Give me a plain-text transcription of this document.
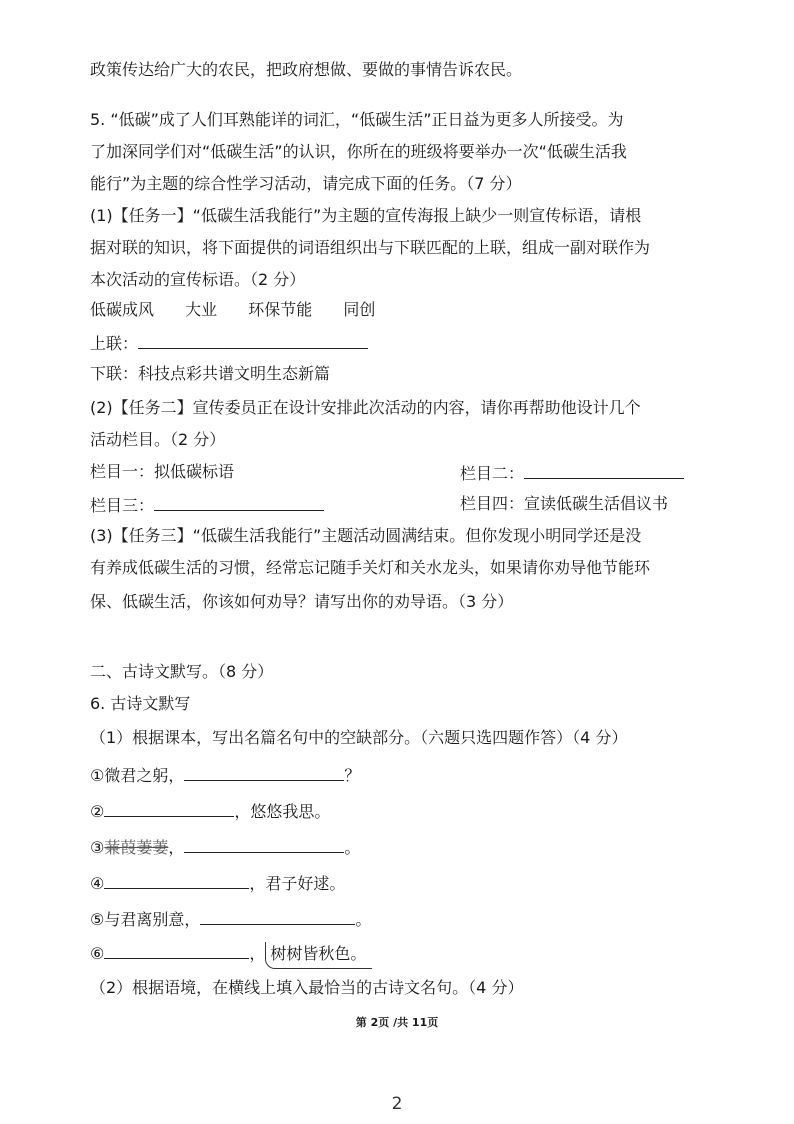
政策传达给广大的农民，把政府想做、要做的事情告诉农民。
5. “低碳”成了人们耳熟能详的词汇，“低碳生活”正日益为更多人所接受。为
了加深同学们对“低碳生活”的认识，你所在的班级将要举办一次“低碳生活我
能行”为主题的综合性学习活动，请完成下面的任务。（7 分）
(1)【任务一】“低碳生活我能行”为主题的宣传海报上缺少一则宣传标语，请根
据对联的知识，将下面提供的词语组织出与下联匹配的上联，组成一副对联作为
本次活动的宣传标语。（2 分）
低碳成风 大业 环保节能 同创
上联：
下联：科技点彩共谱文明生态新篇
(2)【任务二】宣传委员正在设计安排此次活动的内容，请你再帮助他设计几个
活动栏目。（2 分）
栏目一：拟低碳标语	栏目二：
栏目三：	栏目四：宣读低碳生活倡议书
(3)【任务三】“低碳生活我能行”主题活动圆满结束。但你发现小明同学还是没
有养成低碳生活的习惯，经常忘记随手关灯和关水龙头，如果请你劝导他节能环
保、低碳生活，你该如何劝导？请写出你的劝导语。（3 分）
二、古诗文默写。（8 分）
6. 古诗文默写
（1）根据课本，写出名篇名句中的空缺部分。（六题只选四题作答）（4 分）
①微君之躬，	？
②	，悠悠我思。
③蒹葭萋萋，	。
④	，君子好逑。
⑤与君离别意，	。
⑥	， 树树皆秋色。
（2）根据语境，在横线上填入最恰当的古诗文名句。（4 分）
第 2页 /共 11页
2
